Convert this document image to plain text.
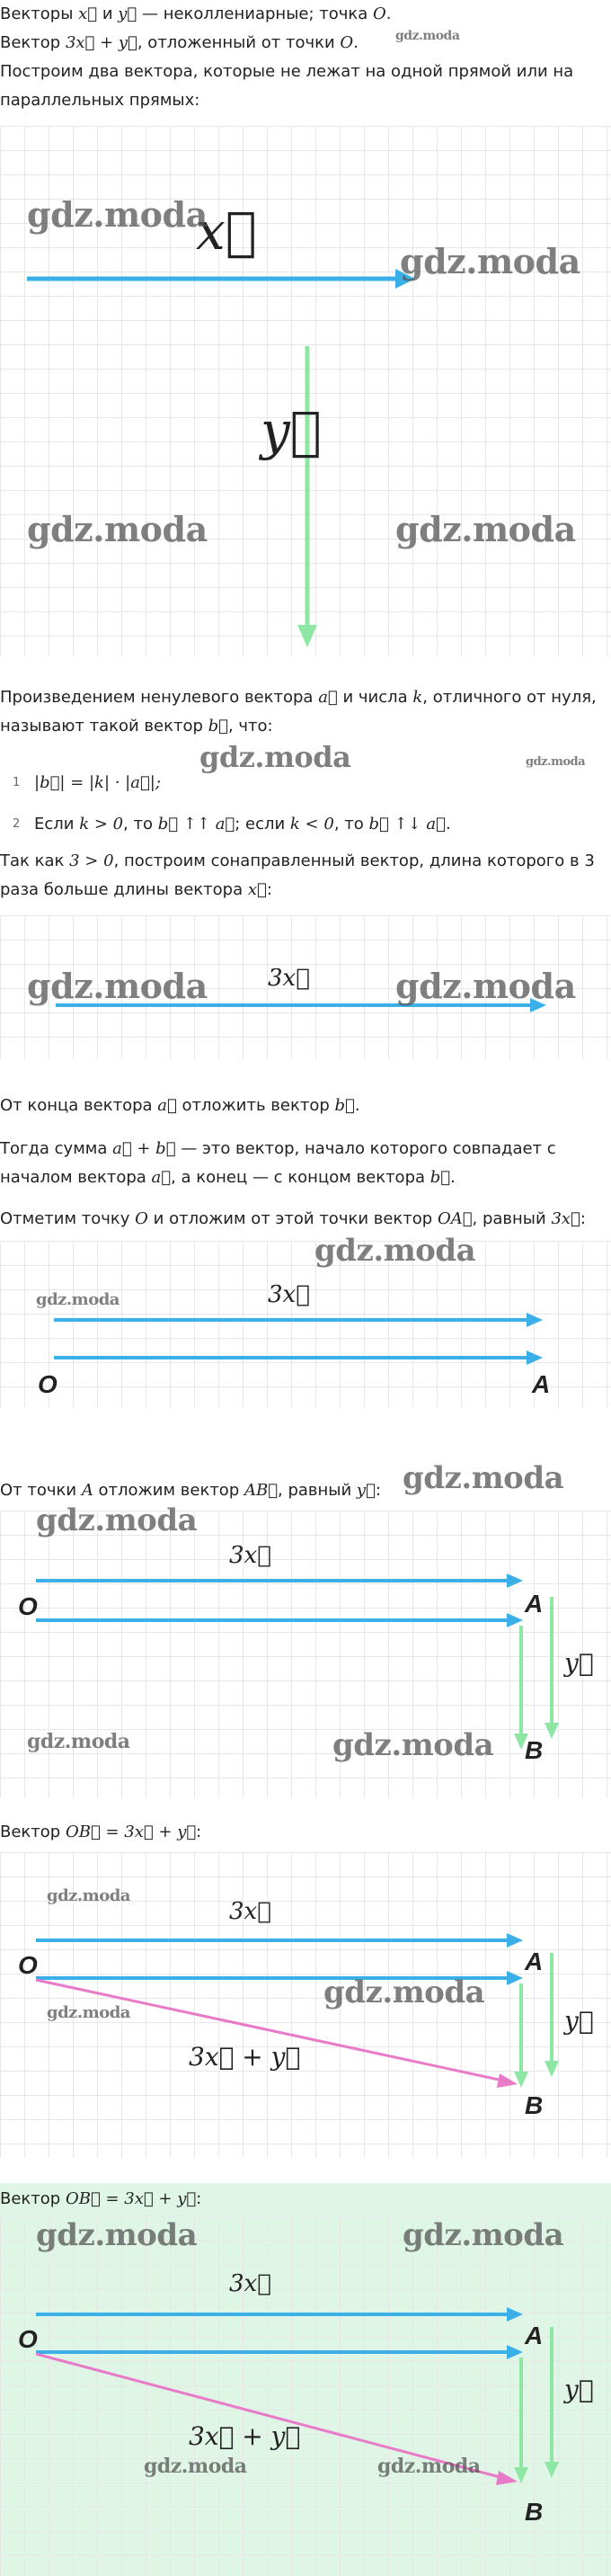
Векторы x⃗ и y⃗ — неколлениарные; точка O.
Вектор 3x⃗ + y⃗, отложенный от точки O.	gdz.moda
Построим два вектора, которые не лежат на одной прямой или на параллельных прямых:
x⃗
y⃗
gdz.moda
gdz.moda
gdz.moda	gdz.moda
Произведением ненулевого вектора a⃗ и числа k, отличного от нуля, называют такой вектор b⃗, что:
gdz.moda	gdz.moda
1 |b⃗| = |k| · |a⃗|;
2 Если k > 0, то b⃗ ↑↑ a⃗; если k < 0, то b⃗ ↑↓ a⃗.
Так как 3 > 0, построим сонаправленный вектор, длина которого в 3 раза больше длины вектора x⃗:
3x⃗
gdz.moda	gdz.moda
От конца вектора a⃗ отложить вектор b⃗.
Тогда сумма a⃗ + b⃗ — это вектор, начало которого совпадает с началом вектора a⃗, а конец — с концом вектора b⃗.
Отметим точку O и отложим от этой точки вектор OA⃗, равный 3x⃗:
3x⃗
O	A
gdz.moda
gdz.moda
От точки A отложим вектор AB⃗, равный y⃗: gdz.moda
3x⃗
y⃗
O	A
B
gdz.moda
gdz.moda	gdz.moda
Вектор OB⃗ = 3x⃗ + y⃗:
3x⃗
y⃗
3x⃗ + y⃗
O	A
B
gdz.moda
gdz.moda
gdz.moda
Вектор OB⃗ = 3x⃗ + y⃗:
3x⃗
y⃗
3x⃗ + y⃗
O	A
B
gdz.moda	gdz.moda
gdz.moda	gdz.moda
